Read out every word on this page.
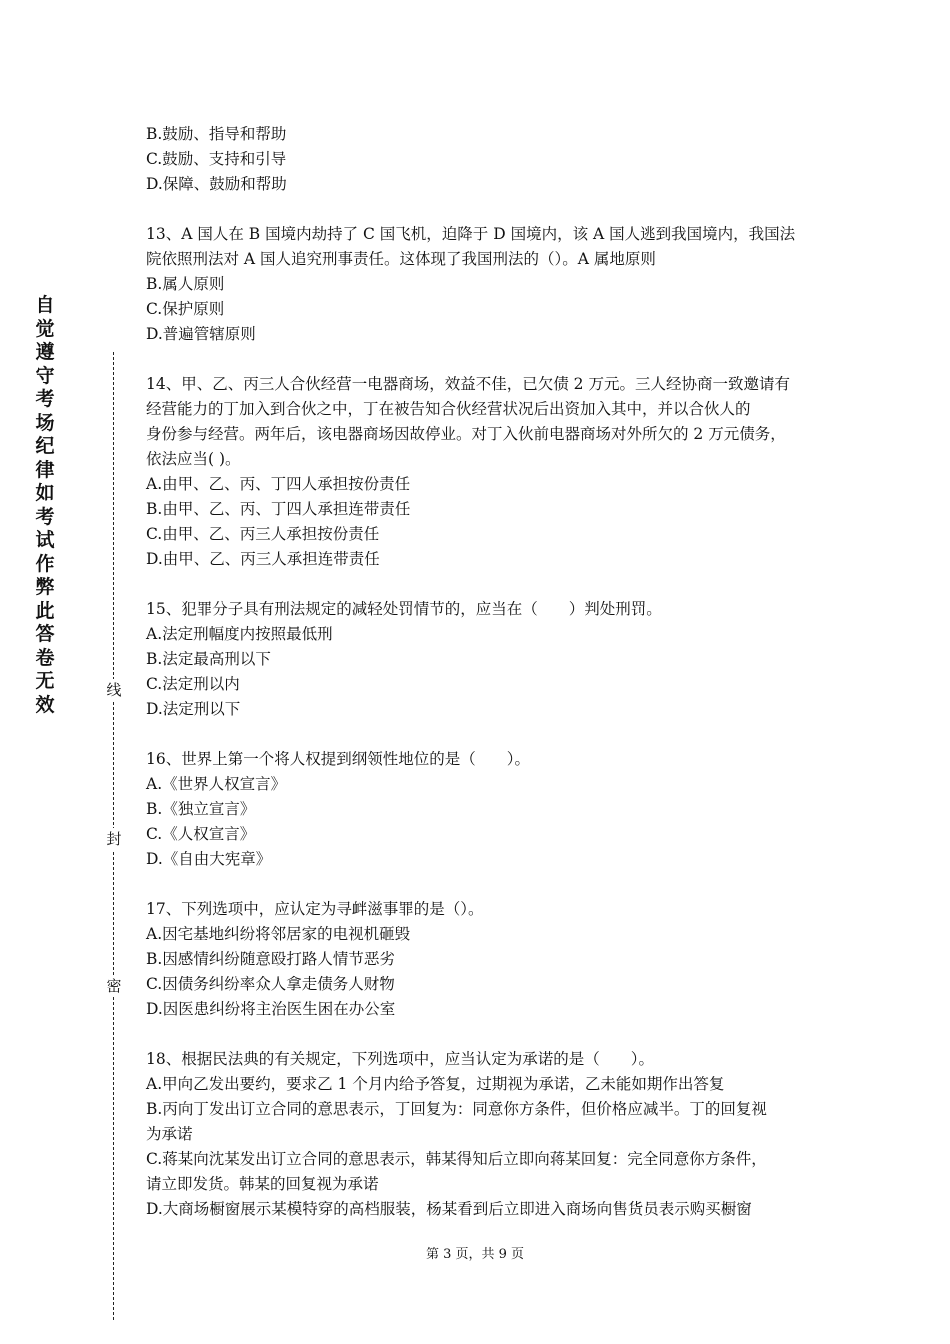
自觉遵守考场纪律如考试作弊此答卷无效
线
封
密
B.鼓励、指导和帮助
C.鼓励、支持和引导
D.保障、鼓励和帮助
13、A 国人在 B 国境内劫持了 C 国飞机，迫降于 D 国境内，该 A 国人逃到我国境内，我国法
院依照刑法对 A 国人追究刑事责任。这体现了我国刑法的（）。A 属地原则
B.属人原则
C.保护原则
D.普遍管辖原则
14、甲、乙、丙三人合伙经营一电器商场，效益不佳，已欠债 2 万元。三人经协商一致邀请有
经营能力的丁加入到合伙之中，丁在被告知合伙经营状况后出资加入其中，并以合伙人的
身份参与经营。两年后，该电器商场因故停业。对丁入伙前电器商场对外所欠的 2 万元债务，
依法应当( )。
A.由甲、乙、丙、丁四人承担按份责任
B.由甲、乙、丙、丁四人承担连带责任
C.由甲、乙、丙三人承担按份责任
D.由甲、乙、丙三人承担连带责任
15、犯罪分子具有刑法规定的减轻处罚情节的，应当在（　　）判处刑罚。
A.法定刑幅度内按照最低刑
B.法定最高刑以下
C.法定刑以内
D.法定刑以下
16、世界上第一个将人权提到纲领性地位的是（　　）。
A.《世界人权宣言》
B.《独立宣言》
C.《人权宣言》
D.《自由大宪章》
17、下列选项中，应认定为寻衅滋事罪的是（）。
A.因宅基地纠纷将邻居家的电视机砸毁
B.因感情纠纷随意殴打路人情节恶劣
C.因债务纠纷率众人拿走债务人财物
D.因医患纠纷将主治医生困在办公室
18、根据民法典的有关规定，下列选项中，应当认定为承诺的是（　　）。
A.甲向乙发出要约，要求乙 1 个月内给予答复，过期视为承诺，乙未能如期作出答复
B.丙向丁发出订立合同的意思表示，丁回复为：同意你方条件，但价格应减半。丁的回复视
为承诺
C.蒋某向沈某发出订立合同的意思表示，韩某得知后立即向蒋某回复：完全同意你方条件，
请立即发货。韩某的回复视为承诺
D.大商场橱窗展示某模特穿的高档服装，杨某看到后立即进入商场向售货员表示购买橱窗
第 3 页，共 9 页
